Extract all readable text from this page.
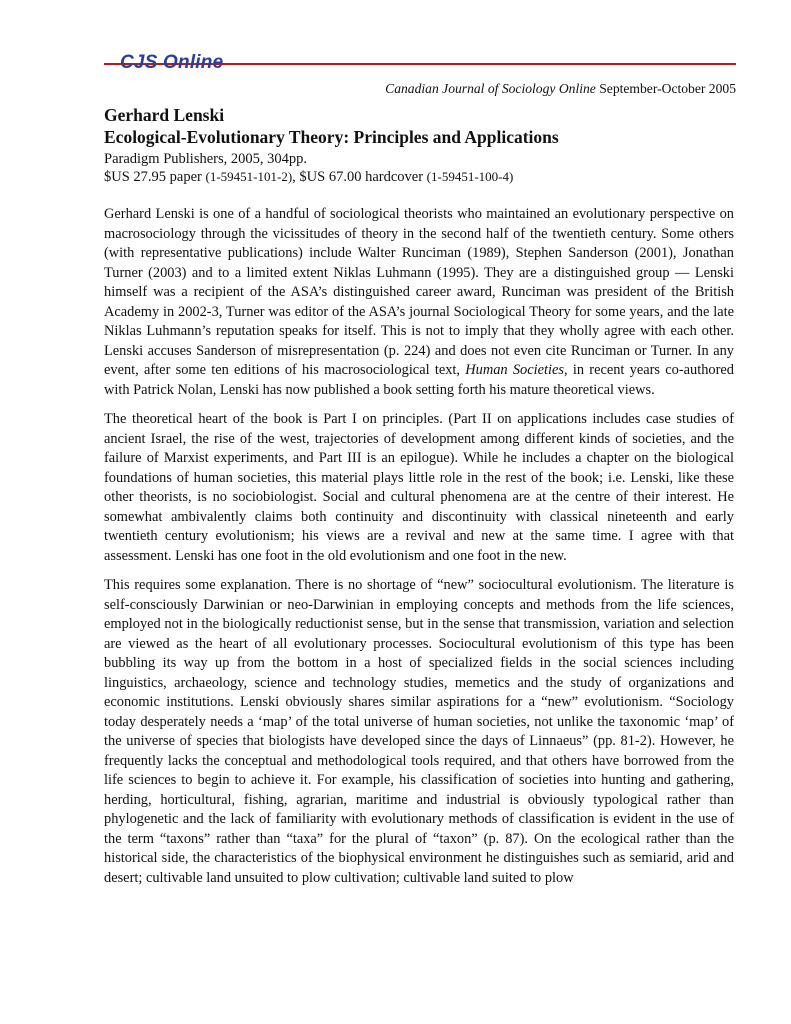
CJS Online
Canadian Journal of Sociology Online September-October 2005
Gerhard Lenski
Ecological-Evolutionary Theory: Principles and Applications
Paradigm Publishers, 2005, 304pp.
$US 27.95 paper (1-59451-101-2), $US 67.00 hardcover (1-59451-100-4)

Gerhard Lenski is one of a handful of sociological theorists who maintained an evolutionary perspective on macrosociology through the vicissitudes of theory in the second half of the twentieth century. Some others (with representative publications) include Walter Runciman (1989), Stephen Sanderson (2001), Jonathan Turner (2003) and to a limited extent Niklas Luhmann (1995). They are a distinguished group — Lenski himself was a recipient of the ASA’s distinguished career award, Runciman was president of the British Academy in 2002-3, Turner was editor of the ASA’s journal Sociological Theory for some years, and the late Niklas Luhmann’s reputation speaks for itself. This is not to imply that they wholly agree with each other. Lenski accuses Sanderson of misrepresentation (p. 224) and does not even cite Runciman or Turner. In any event, after some ten editions of his macrosociological text, Human Societies, in recent years co-authored with Patrick Nolan, Lenski has now published a book setting forth his mature theoretical views.

The theoretical heart of the book is Part I on principles. (Part II on applications includes case studies of ancient Israel, the rise of the west, trajectories of development among different kinds of societies, and the failure of Marxist experiments, and Part III is an epilogue). While he includes a chapter on the biological foundations of human societies, this material plays little role in the rest of the book; i.e. Lenski, like these other theorists, is no sociobiologist. Social and cultural phenomena are at the centre of their interest. He somewhat ambivalently claims both continuity and discontinuity with classical nineteenth and early twentieth century evolutionism; his views are a revival and new at the same time. I agree with that assessment. Lenski has one foot in the old evolutionism and one foot in the new.

This requires some explanation. There is no shortage of “new” sociocultural evolutionism. The literature is self-consciously Darwinian or neo-Darwinian in employing concepts and methods from the life sciences, employed not in the biologically reductionist sense, but in the sense that transmission, variation and selection are viewed as the heart of all evolutionary processes. Sociocultural evolutionism of this type has been bubbling its way up from the bottom in a host of specialized fields in the social sciences including linguistics, archaeology, science and technology studies, memetics and the study of organizations and economic institutions. Lenski obviously shares similar aspirations for a “new” evolutionism. “Sociology today desperately needs a ‘map’ of the total universe of human societies, not unlike the taxonomic ‘map’ of the universe of species that biologists have developed since the days of Linnaeus” (pp. 81-2). However, he frequently lacks the conceptual and methodological tools required, and that others have borrowed from the life sciences to begin to achieve it. For example, his classification of societies into hunting and gathering, herding, horticultural, fishing, agrarian, maritime and industrial is obviously typological rather than phylogenetic and the lack of familiarity with evolutionary methods of classification is evident in the use of the term “taxons” rather than “taxa” for the plural of “taxon” (p. 87). On the ecological rather than the historical side, the characteristics of the biophysical environment he distinguishes such as semiarid, arid and desert; cultivable land unsuited to plow cultivation; cultivable land suited to plow
